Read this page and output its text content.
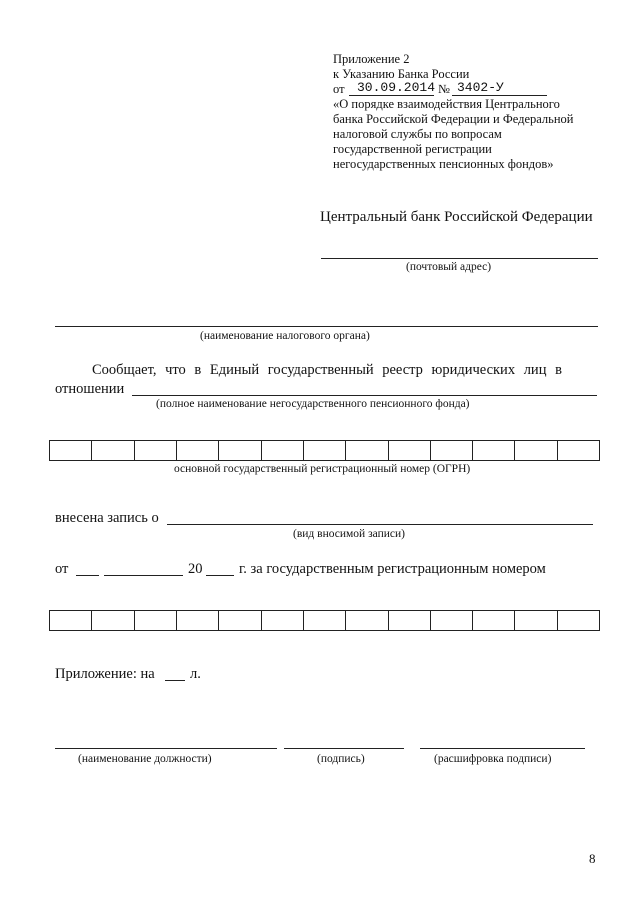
Приложение 2
к Указанию Банка России
от 30.09.2014 № 3402-У
«О порядке взаимодействия Центрального
банка Российской Федерации и Федеральной
налоговой службы по вопросам
государственной регистрации
негосударственных пенсионных фондов»
Центральный банк Российской Федерации
(почтовый адрес)
(наименование налогового органа)
Сообщает, что в Единый государственный реестр юридических лиц в
отношении
(полное наименование негосударственного пенсионного фонда)
основной государственный регистрационный номер (ОГРН)
внесена запись о
(вид вносимой записи)
от	20	г. за государственным регистрационным номером
Приложение: на л.
(наименование должности)	(подпись)	(расшифровка подписи)
8
